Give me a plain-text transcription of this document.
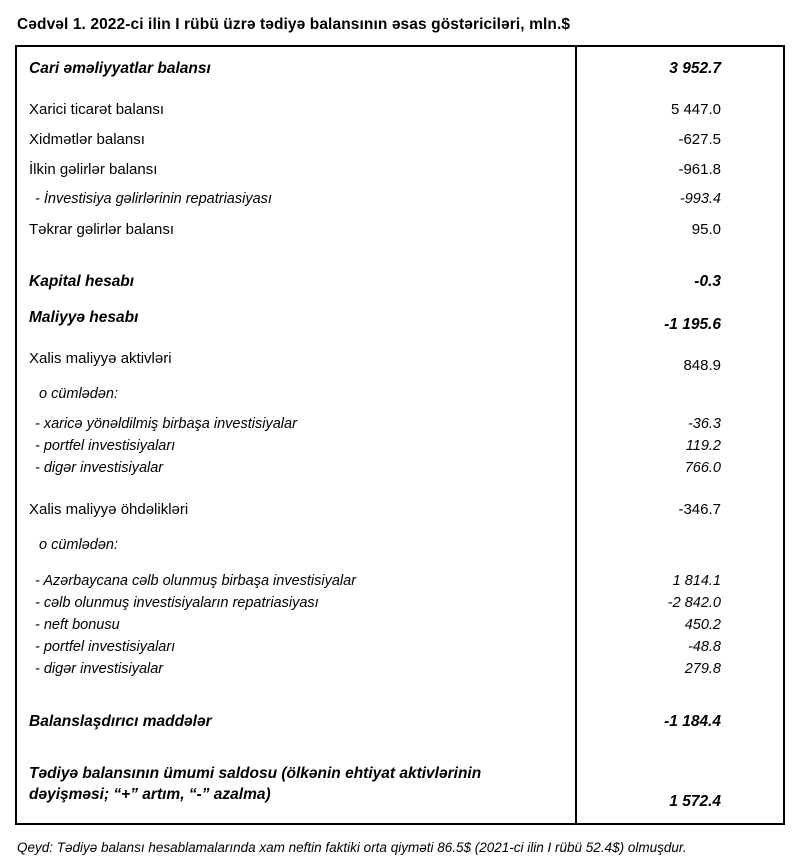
Cədvəl 1. 2022-ci ilin I rübü üzrə tədiyə balansının əsas göstəriciləri, mln.$
Cari əməliyyatlar balansı	3 952.7
Xarici ticarət balansı	5 447.0
Xidmətlər balansı	-627.5
İlkin gəlirlər balansı	-961.8
- İnvestisiya gəlirlərinin repatriasiyası	-993.4
Təkrar gəlirlər balansı	95.0
Kapital hesabı	-0.3
Maliyyə hesabı	-1 195.6
Xalis maliyyə aktivləri	848.9
o cümlədən:
- xaricə yönəldilmiş birbaşa investisiyalar	-36.3
- portfel investisiyaları	119.2
- digər investisiyalar	766.0
Xalis maliyyə öhdəlikləri	-346.7
o cümlədən:
- Azərbaycana cəlb olunmuş birbaşa investisiyalar	1 814.1
- cəlb olunmuş investisiyaların repatriasiyası	-2 842.0
- neft bonusu	450.2
- portfel investisiyaları	-48.8
- digər investisiyalar	279.8
Balanslaşdırıcı maddələr	-1 184.4
Tədiyə balansının ümumi saldosu (ölkənin ehtiyat aktivlərinin dəyişməsi; “+” artım, “-” azalma)	1 572.4
Qeyd: Tədiyə balansı hesablamalarında xam neftin faktiki orta qiyməti 86.5$ (2021-ci ilin I rübü 52.4$) olmuşdur.
